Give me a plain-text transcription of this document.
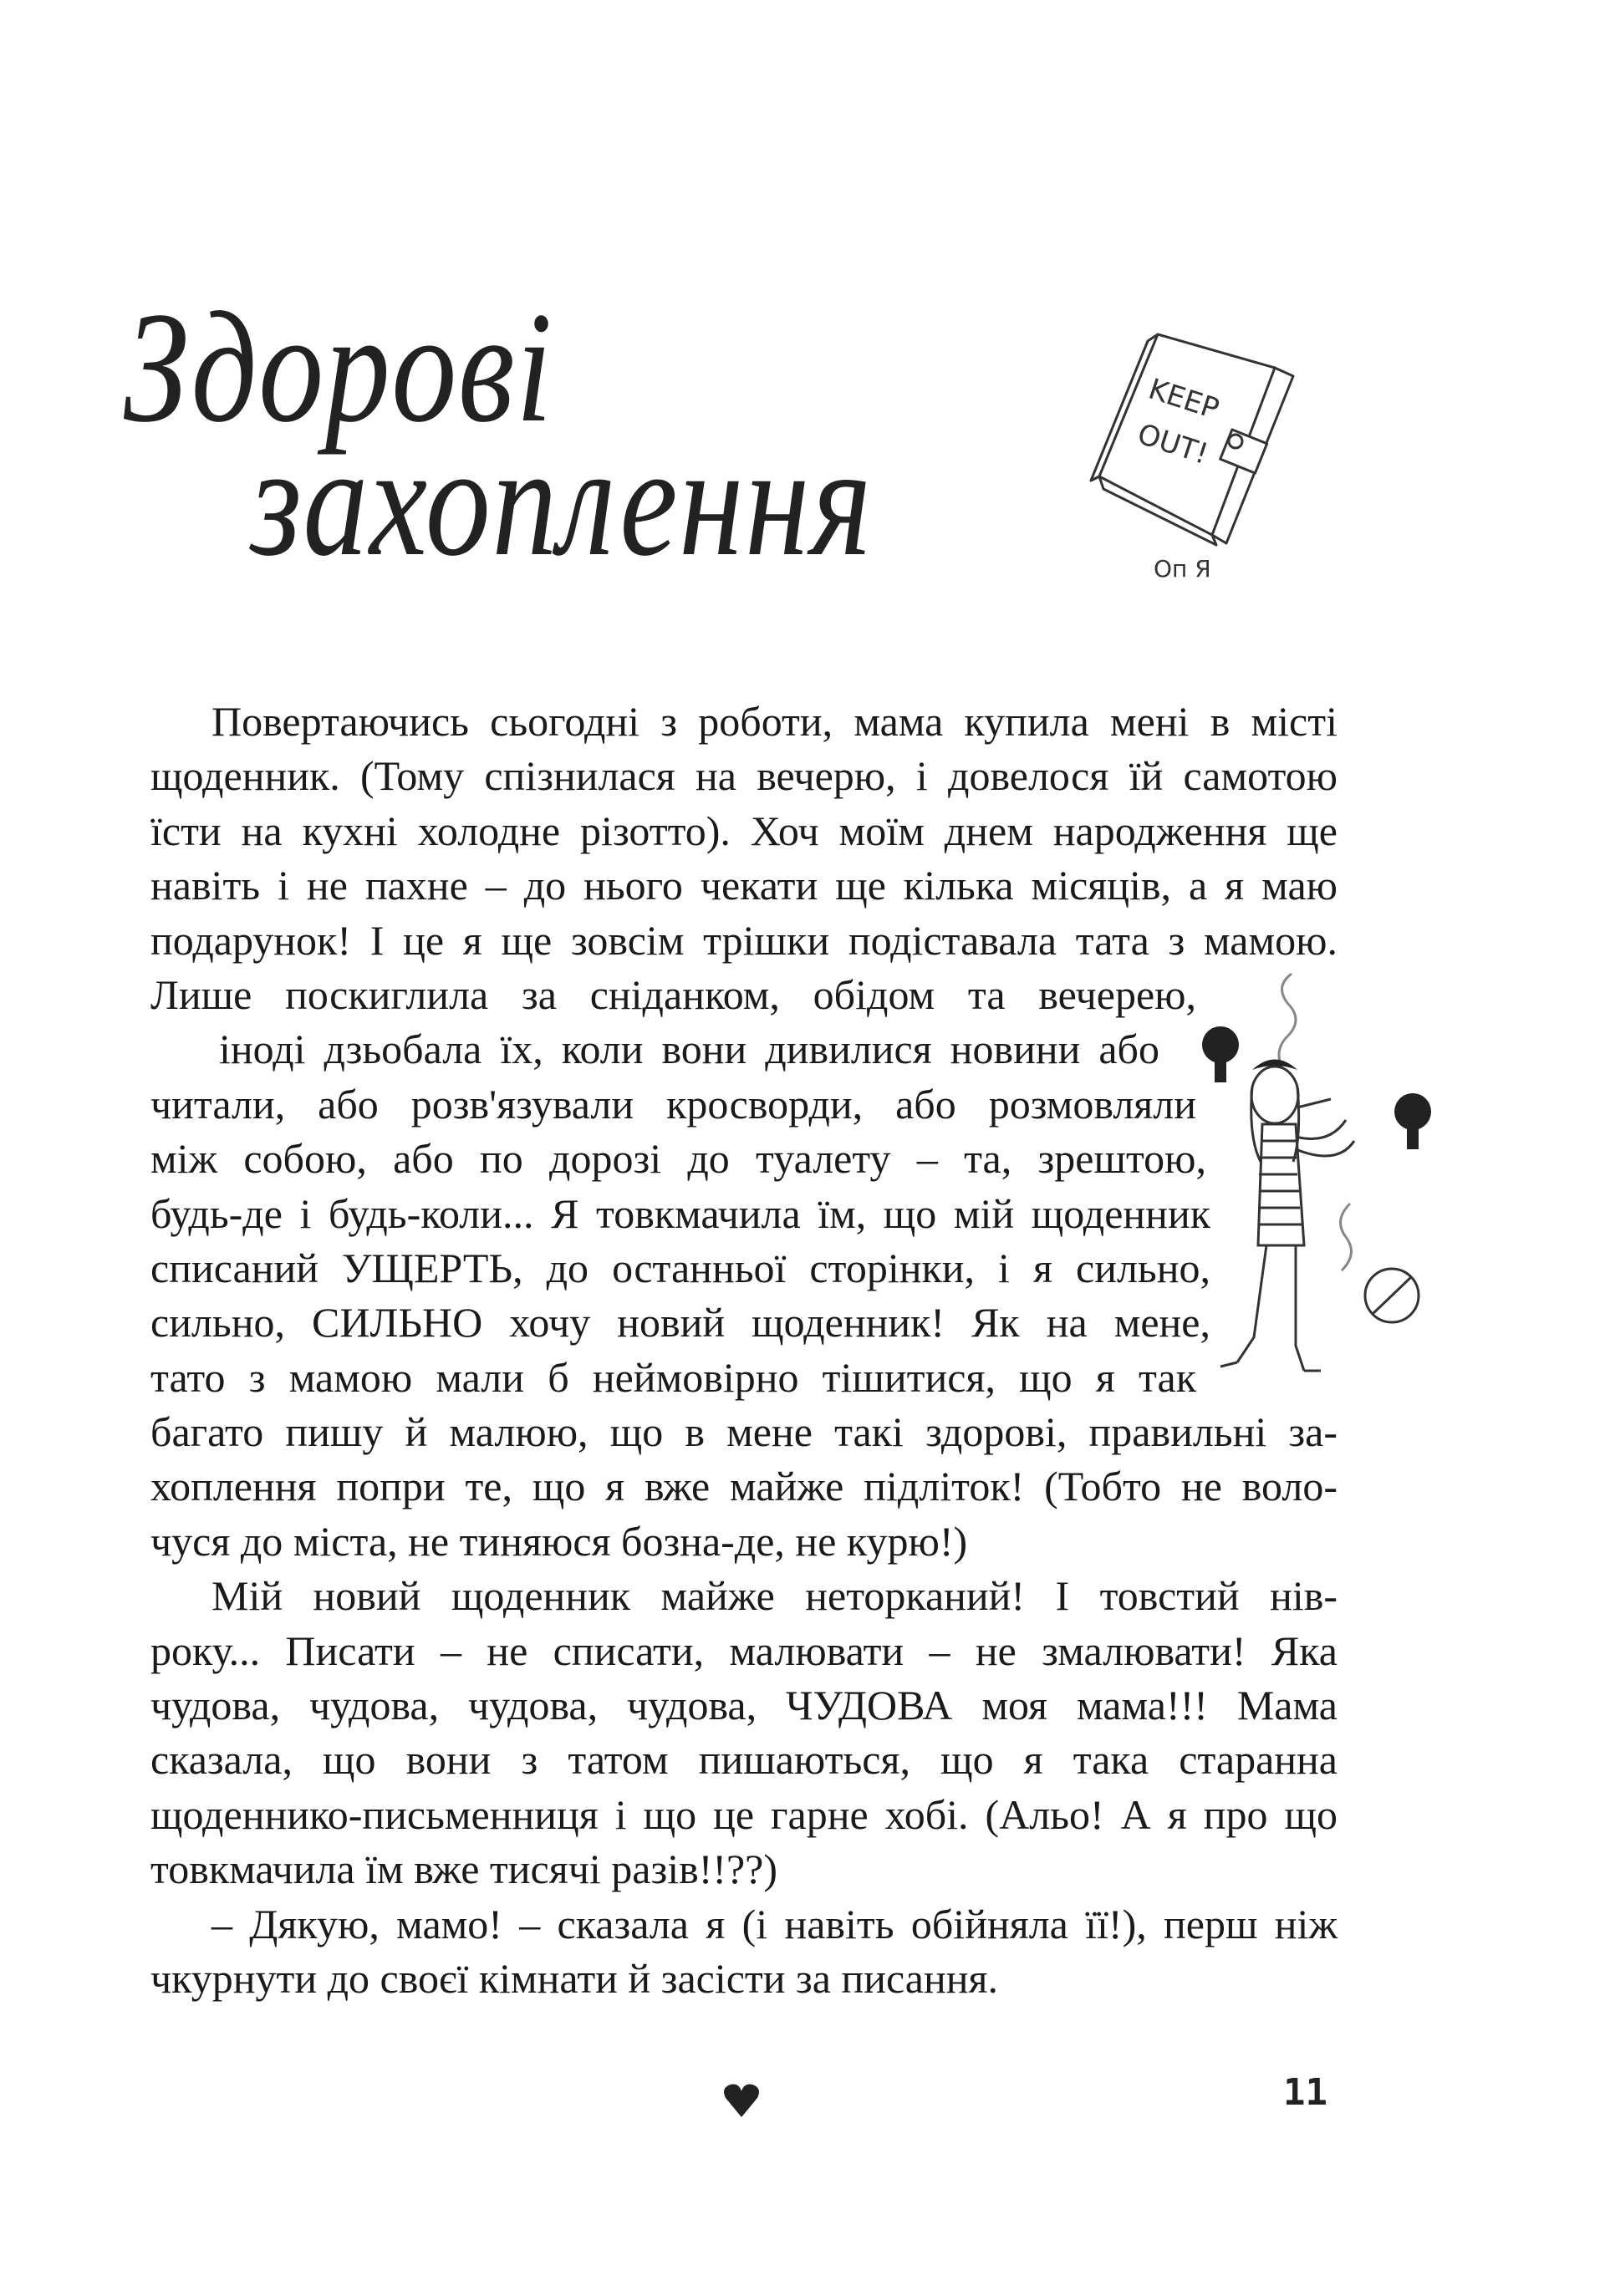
Здорові
захоплення
KEEP
OUT!
Оп Я
Повертаючись сьогодні з роботи, мама купила мені в місті
щоденник. (Тому спізнилася на вечерю, і довелося їй самотою
їсти на кухні холодне різотто). Хоч моїм днем народження ще
навіть і не пахне – до нього чекати ще кілька місяців, а я маю
подарунок! І це я ще зовсім трішки подіставала тата з мамою.
Лише поскиглила за сніданком, обідом та вечерею,
іноді дзьобала їх, коли вони дивилися новини або
читали, або розв'язували кросворди, або розмовляли
між собою, або по дорозі до туалету – та, зрештою,
будь-де і будь-коли... Я товкмачила їм, що мій щоденник
списаний УЩЕРТЬ, до останньої сторінки, і я сильно,
сильно, СИЛЬНО хочу новий щоденник! Як на мене,
тато з мамою мали б неймовірно тішитися, що я так
багато пишу й малюю, що в мене такі здорові, правильні за-
хоплення попри те, що я вже майже підліток! (Тобто не воло-
чуся до міста, не тиняюся бозна-де, не курю!)
Мій новий щоденник майже неторканий! І товстий нів-
року... Писати – не списати, малювати – не змалювати! Яка
чудова, чудова, чудова, чудова, ЧУДОВА моя мама!!! Мама
сказала, що вони з татом пишаються, що я така старанна
щоденнико-письменниця і що це гарне хобі. (Альо! А я про що
товкмачила їм вже тисячі разів!!??)
– Дякую, мамо! – сказала я (і навіть обійняла її!), перш ніж
чкурнути до своєї кімнати й засісти за писання.
11
